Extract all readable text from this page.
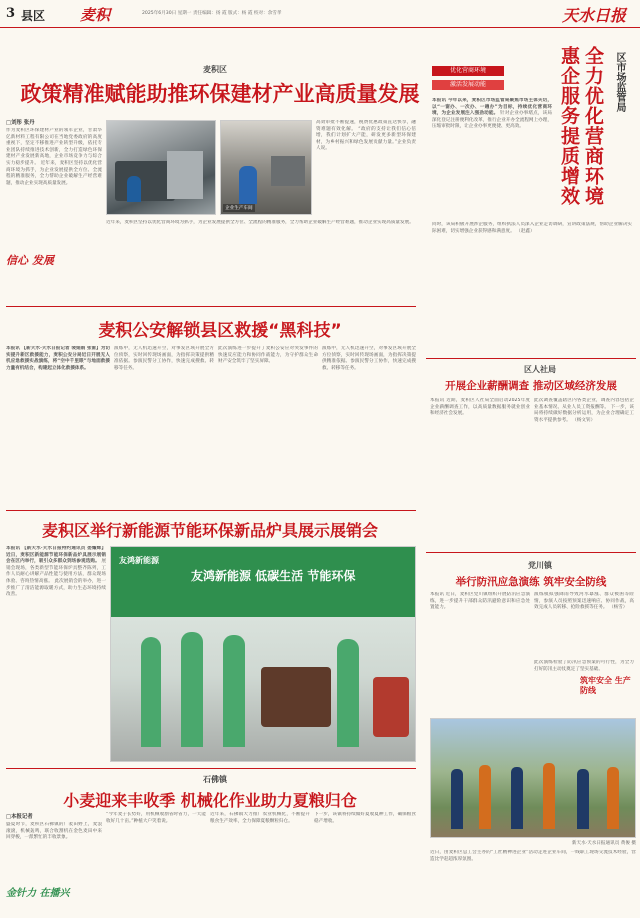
3 县区 麦积	2025年6月30日 星期一 责任编辑：扬 霞 版式：杨 霞 校对：余雪孝	天水日报
麦积区
政策精准赋能助推环保建材产业高质量发展
□刘彤 张丹
作为麦积区环保建材产业的领军企业，甘肃华亿新材料工程有限公司在当地党委政府的高度重视下，坚定不移推进产业转型升级，依托专业团队持续推进技术创新，全力打造绿色环保建材产业发展新高地，企业市场竞争力与综合实力稳步提升。 近年来，麦积区坚持以优化营商环境为抓手，为企业发展提供全方位、全流程的精准服务，全力帮助企业破解生产经营难题，推动企业实现高质量发展。
企业生产车间
高效审批不断提速，税费优惠政策直达快享，融资难题有效化解。 “政府的支持让我们信心倍增，我们计划扩大产能，研发更多新型环保建材，为乡村振兴和绿色发展贡献力量。”企业负责人说。
信心 发展
近年来，麦积区坚持以优化营商环境为抓手，为企业发展提供全方位、全流程的精准服务，全力帮助企业破解生产经营难题，推动企业实现高质量发展。
麦积公安解锁县区救援“黑科技”
本报讯 【新天水·天水日报记者 裴娟娟 张雷】为切实提升新区救援能力，麦积公安分局近日开展无人机应急救援实战演练，将“空中千里眼”与地面救援力量有机结合，构建起立体化救援体系。
演练中，无人机迅速升空，对事发区域开展全方位侦察，实时回传现场画面，为指挥决策提供精准依据。参演民警分工协作，快速完成搜救、转移等任务。
此次演练进一步提升了麦积公安应对突发事件的快速反应能力和协同作战能力，为守护群众生命财产安全筑牢了坚实屏障。
演练中，无人机迅速升空，对事发区域开展全方位侦察，实时回传现场画面，为指挥决策提供精准依据。参演民警分工协作，快速完成搜救、转移等任务。
麦积区举行新能源节能环保新品炉具展示展销会
本报讯 【新天水·天水日报特约通讯员 娄耀辉】近日，麦积区新能源节能环保新品炉具展示展销会在区内举行，吸引众多群众到场参观选购。 展销会现场，各类新型节能环保炉具整齐陈列，工作人员耐心讲解产品性能与使用方法，群众现场体验、咨询热情高涨。 此次展销会的举办，进一步推广了清洁能源取暖方式，助力生态环境持续改善。
友鸿新能源
友鸿新能源 低碳生活 节能环保
石佛镇
小麦迎来丰收季 机械化作业助力夏粮归仓
□本报记者
盛夏时节，麦积区石佛镇的广袤田野上，麦浪滚滚，机械轰鸣，联合收割机在金色麦田中来回穿梭，一派繁忙的丰收景象。
金针力 在播兴
“今年麦子长势好，用机械收割省时省力，一天能收好几十亩。”种植大户笑着说。
近年来，石佛镇大力推广农业机械化，不断提升粮食生产效率，全力保障夏粮颗粒归仓。
下一步，该镇将持续做好夏收夏种工作，确保粮食稳产增收。
优化营商环境
激活发展动能	全力优化营商环境
惠企服务提质增效	区市场监管局
本报讯 今年以来，麦积区市场监管局聚焦市场主体关切，以“一窗办、一次办、一趟办”为目标，持续优化营商环境，为企业发展注入强劲动能。 针对企业办事堵点，该局深化登记注册便利化改革，推行企业开办全流程网上办理，压缩审批时限，让企业办事更便捷、更高效。
同时，该局积极开展涉企服务，组织执法人员深入企业走访调研，宣讲政策法规，帮助企业解决实际困难，切实增强企业获得感和满意度。 （赵鑫）
区人社局
开展企业薪酬调查 推动区域经济发展
本报讯 近期，麦积区人社局全面启动2025年度企业薪酬调查工作，以高质量数据服务就业创业和经济社会发展。
此次调查覆盖辖区内各类企业，调查内容包括企业基本情况、从业人员工资报酬等。 下一步，该局将持续做好数据分析运用，为企业合理确定工资水平提供参考。 （杨文钊）
党川镇
举行防汛应急演练 筑牢安全防线
本报讯 近日，麦积区党川镇组织开展防汛应急演练，进一步提升干部群众防汛避险意识和应急处置能力。
演练模拟强降雨导致河水暴涨、群众被困等险情，参演人员按照预案迅速响应、协同作战，高效完成人员转移、抢险救援等任务。 （杨雪）
此次演练检验了防汛应急预案的可行性，为全力打好防汛主动仗奠定了坚实基础。
筑牢安全 生产防线
新天水·天水日报通讯员 黄俊 摄
近日，由麦积区总工会主办的“工匠精神进企业”活动走进企业车间，一线职工现场交流技术经验，营造比学赶超浓厚氛围。
